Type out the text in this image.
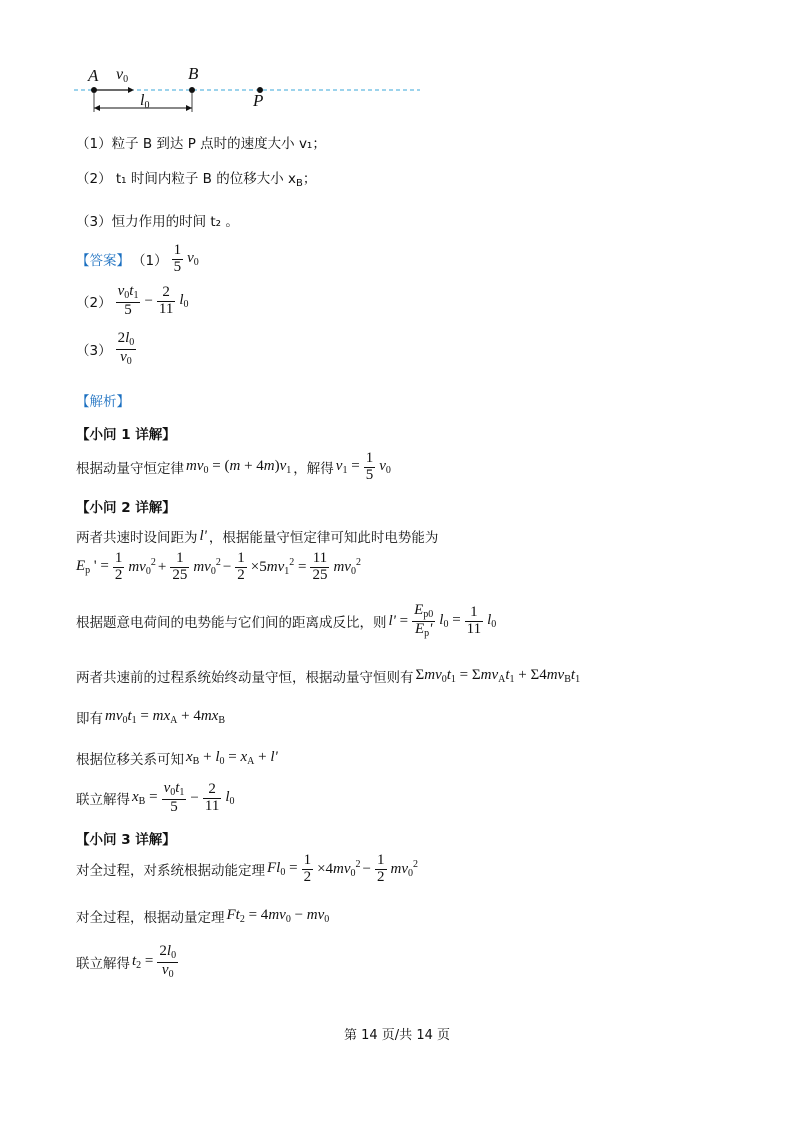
A $v_0$	B
P
$l_0$
（1）粒子 B 到达 P 点时的速度大小 v₁；
（2） t₁ 时间内粒子 B 的位移大小 $x_B$；
（3）恒力作用的时间 t₂ 。
【答案】 $(1) \frac{1}{5} v_0$
$(2) \frac{v_0t_1}{5} - \frac{2}{11} l_0$
$(3) \frac{2l_0}{v_0}$
【解析】
【小问 1 详解】
根据动量守恒定律 $mv_0 = (m + 4m)v_1$ ，解得 $v_1 = \frac{1}{5} v_0$
【小问 2 详解】
两者共速时设间距为 l' ，根据能量守恒定律可知此时电势能为
$E_p$ ' = $\frac{1}{2} mv_0^2 + \frac{1}{25} mv_0^2 - \frac{1}{2} \times 5mv_1^2 = \frac{11}{25} mv_0^2$
根据题意电荷间的电势能与它们间的距离成反比，则 $l' = \frac{E_{p0}}{E_p'} l_0 = \frac{1}{11} l_0$
两者共速前的过程系统始终动量守恒，根据动量守恒则有 $\Sigma mv_0t_1 = \Sigma mv_At_1 + \Sigma 4mv_Bt_1$
即有 $mv_0t_1 = mx_A + 4mx_B$
根据位移关系可知 $x_B + l_0 = x_A + l'$
联立解得 $x_B = \frac{v_0t_1}{5} - \frac{2}{11} l_0$
【小问 3 详解】
对全过程，对系统根据动能定理 $Fl_0 = \frac{1}{2} \times 4mv_0^2 - \frac{1}{2} mv_0^2$
对全过程，根据动量定理 $Ft_2 = 4mv_0 - mv_0$
联立解得 $t_2 = \frac{2l_0}{v_0}$
第 14 页/共 14 页
